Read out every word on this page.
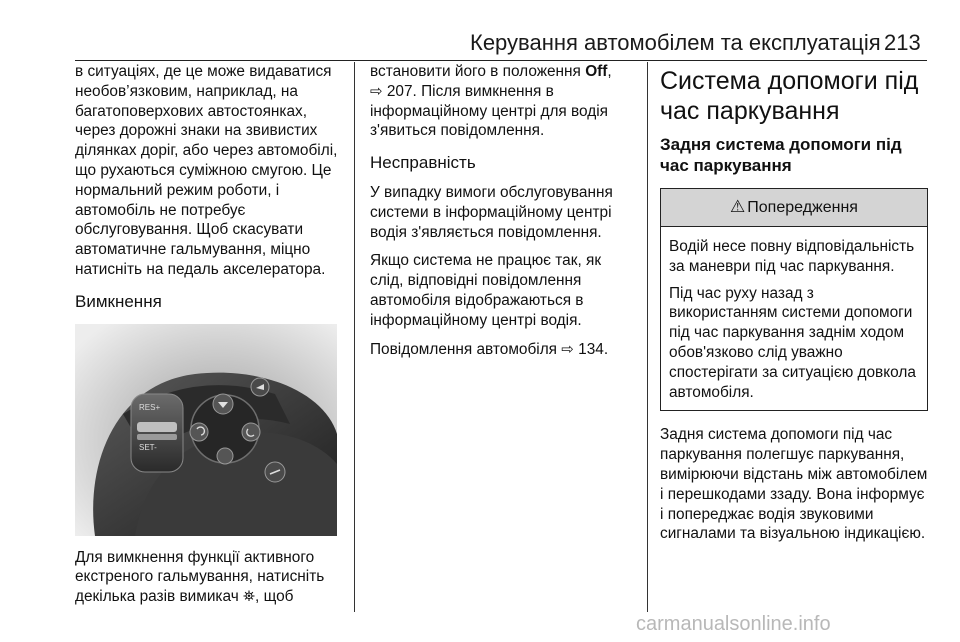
Керування автомобілем та експлуатація 213

в ситуаціях, де це може видаватися необов’язковим, наприклад, на багатоповерхових автостоянках, через дорожні знаки на звивистих ділянках доріг, або через автомобілі, що рухаються суміжною смугою. Це нормальний режим роботи, і автомобіль не потребує обслуговування. Щоб скасувати автоматичне гальмування, міцно натисніть на педаль акселератора.

Вимкнення
RES+
SET-

Для вимкнення функції активного екстреного гальмування, натисніть декілька разів вимикач ⛯, щоб

встановити його в положення Off,
⇨ 207. Після вимкнення в інформаційному центрі для водія з'явиться повідомлення.

Несправність

У випадку вимоги обслуговування системи в інформаційному центрі водія з'являється повідомлення.

Якщо система не працює так, як слід, відповідні повідомлення автомобіля відображаються в інформаційному центрі водія.

Повідомлення автомобіля ⇨ 134.

Система допомоги під час паркування
Задня система допомоги під час паркування
⚠ Попередження

Водій несе повну відповідальність за маневри під час паркування.

Під час руху назад з використанням системи допомоги під час паркування заднім ходом обов'язково слід уважно спостерігати за ситуацією довкола автомобіля.

Задня система допомоги під час паркування полегшує паркування, вимірюючи відстань між автомобілем і перешкодами ззаду. Вона інформує і попереджає водія звуковими сигналами та візуальною індикацією.

carmanualsonline.info
